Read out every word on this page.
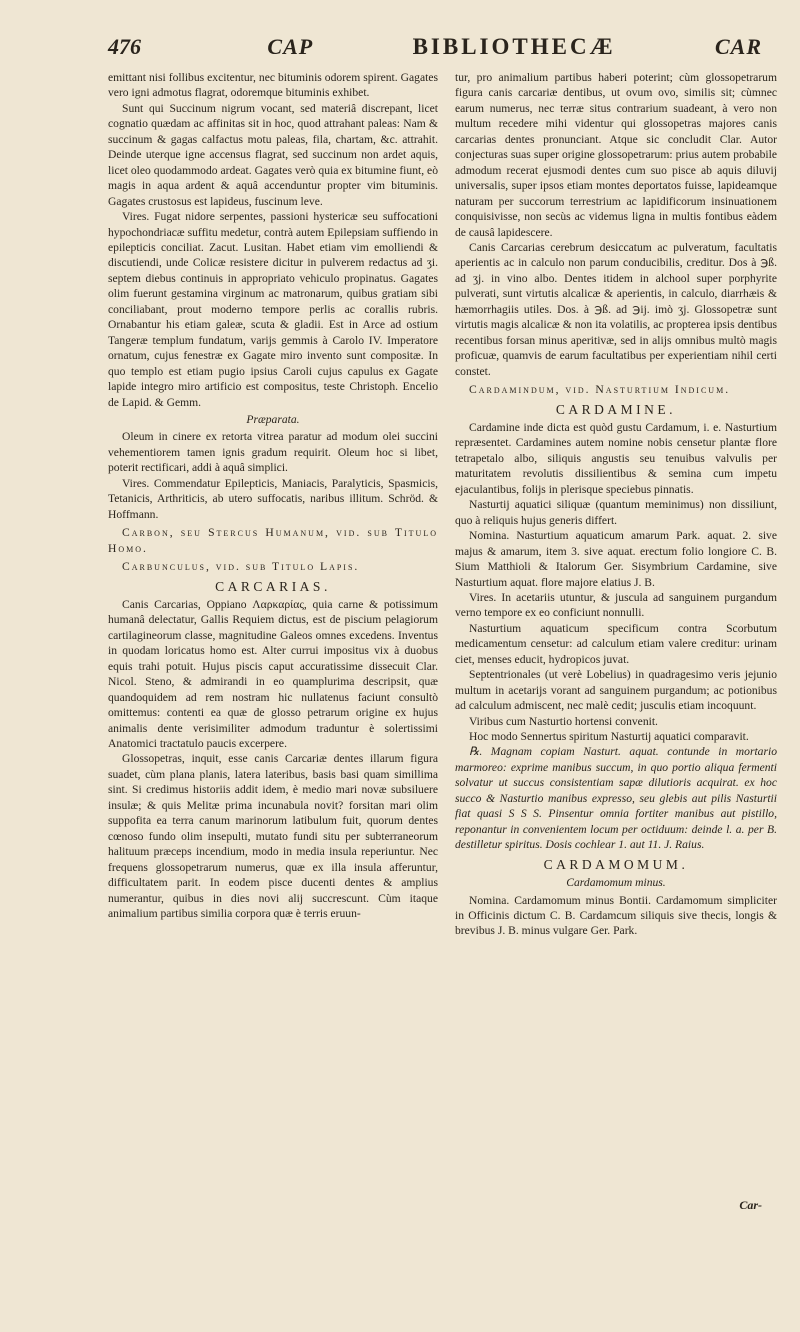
476	CAP	BIBLIOTHECÆ	CAR

emittant nisi follibus excitentur, nec bituminis odorem spirent. Gagates vero igni admotus flagrat, odoremque bituminis exhibet.

Sunt qui Succinum nigrum vocant, sed materiâ discrepant, licet cognatio quædam ac affinitas sit in hoc, quod attrahant paleas: Nam & succinum & gagas calfactus motu paleas, fila, chartam, &c. attrahit. Deinde uterque igne accensus flagrat, sed succinum non ardet aquis, licet oleo quodammodo ardeat. Gagates verò quia ex bitumine fiunt, eò magis in aqua ardent & aquâ accenduntur propter vim bituminis. Gagates crustosus est lapideus, fuscinum leve.

Vires. Fugat nidore serpentes, passioni hystericæ seu suffocationi hypochondriacæ suffitu medetur, contrà autem Epilepsiam suffiendo in epilepticis conciliat. Zacut. Lusitan. Habet etiam vim emolliendi & discutiendi, unde Colicæ resistere dicitur in pulverem redactus ad ʒi. septem diebus continuis in appropriato vehiculo propinatus. Gagates olim fuerunt gestamina virginum ac matronarum, quibus gratiam sibi conciliabant, prout moderno tempore perlis ac corallis rubris. Ornabantur his etiam galeæ, scuta & gladii. Est in Arce ad ostium Tangeræ templum fundatum, varijs gemmis à Carolo IV. Imperatore ornatum, cujus fenestræ ex Gagate miro invento sunt compositæ. In quo templo est etiam pugio ipsius Caroli cujus capulus ex Gagate lapide integro miro artificio est compositus, teste Christoph. Encelio de Lapid. & Gemm.

Præparata.

Oleum in cinere ex retorta vitrea paratur ad modum olei succini vehementiorem tamen ignis gradum requirit. Oleum hoc si libet, poterit rectificari, addi à aquâ simplici.

Vires. Commendatur Epilepticis, Maniacis, Paralyticis, Spasmicis, Tetanicis, Arthriticis, ab utero suffocatis, naribus illitum. Schröd. & Hoffmann.

Carbon, seu Stercus Humanum, vid. sub Titulo Homo.

Carbunculus, vid. sub Titulo Lapis.

CARCARIAS.

Canis Carcarias, Oppiano Λαρκαρίας, quia carne & potissimum humanâ delectatur, Gallis Requiem dictus, est de piscium pelagiorum cartilagineorum classe, magnitudine Galeos omnes excedens. Inventus in quodam loricatus homo est. Alter currui impositus vix à duobus equis trahi potuit. Hujus piscis caput accuratissime dissecuit Clar. Nicol. Steno, & admirandi in eo quamplurima descripsit, quæ quandoquidem ad rem nostram hic nullatenus faciunt consultò omittemus: contenti ea quæ de glosso petrarum origine ex hujus animalis dente verisimiliter admodum traduntur è solertissimi Anatomici tractatulo paucis excerpere.

Glossopetras, inquit, esse canis Carcariæ dentes illarum figura suadet, cùm plana planis, latera lateribus, basis basi quam simillima sint. Si credimus historiis addit idem, è medio mari novæ subsiluere insulæ; & quis Melitæ prima incunabula novit? forsitan mari olim suppofita ea terra canum marinorum latibulum fuit, quorum dentes cœnoso fundo olim insepulti, mutato fundi situ per subterraneorum halituum præceps incendium, modo in media insula reperiuntur. Nec frequens glossopetrarum numerus, quæ ex illa insula afferuntur, difficultatem parit. In eodem pisce ducenti dentes & amplius numerantur, quibus in dies novi alij succrescunt. Cùm itaque animalium partibus similia corpora quæ è terris eruun-

tur, pro animalium partibus haberi poterint; cùm glossopetrarum figura canis carcariæ dentibus, ut ovum ovo, similis sit; cùmnec earum numerus, nec terræ situs contrarium suadeant, à vero non multum recedere mihi videntur qui glossopetras majores canis carcarias dentes pronunciant. Atque sic concludit Clar. Autor conjecturas suas super origine glossopetrarum: prius autem probabile admodum recerat ejusmodi dentes cum suo pisce ab aquis diluvij universalis, super ipsos etiam montes deportatos fuisse, lapideamque naturam per succorum terrestrium ac lapidificorum insinuationem conquisivisse, non secùs ac videmus ligna in multis fontibus eàdem de causâ lapidescere.

Canis Carcarias cerebrum desiccatum ac pulveratum, facultatis aperientis ac in calculo non parum conducibilis, creditur. Dos à ℈ß. ad ʒj. in vino albo. Dentes itidem in alchool super porphyrite pulverati, sunt virtutis alcalicæ & aperientis, in calculo, diarrhæis & hæmorrhagiis utiles. Dos. à ℈ß. ad ℈ij. imò ʒj. Glossopetræ sunt virtutis magis alcalicæ & non ita volatilis, ac propterea ipsis dentibus recentibus forsan minus aperitivæ, sed in alijs omnibus multò magis proficuæ, quamvis de earum facultatibus per experientiam nihil certi constet.

Cardamindum, vid. Nasturtium Indicum.

CARDAMINE.

Cardamine inde dicta est quòd gustu Cardamum, i. e. Nasturtium repræsentet. Cardamines autem nomine nobis censetur plantæ flore tetrapetalo albo, siliquis angustis seu tenuibus valvulis per maturitatem revolutis dissilientibus & semina cum impetu ejaculantibus, folijs in plerisque speciebus pinnatis.

Nasturtij aquatici siliquæ (quantum meminimus) non dissiliunt, quo à reliquis hujus generis differt.

Nomina. Nasturtium aquaticum amarum Park. aquat. 2. sive majus & amarum, item 3. sive aquat. erectum folio longiore C. B. Sium Matthioli & Italorum Ger. Sisymbrium Cardamine, sive Nasturtium aquat. flore majore elatius J. B.

Vires. In acetariis utuntur, & jusculа ad sanguinem purgandum verno tempore ex eo conficiunt nonnulli.

Nasturtium aquaticum specificum contra Scorbutum medicamentum censetur: ad calculum etiam valere creditur: urinam ciet, menses educit, hydropicos juvat.

Septentrionales (ut verè Lobelius) in quadragesimo veris jejunio multum in acetarijs vorant ad sanguinem purgandum; ac potionibus ad calculum admiscent, nec malè cedit; jusculis etiam incoquunt.

Viribus cum Nasturtio hortensi convenit.

Hoc modo Sennertus spiritum Nasturtij aquatici comparavit.

℞. Magnam copiam Nasturt. aquat. contunde in mortario marmoreo: exprime manibus succum, in quo portio aliqua fermenti solvatur ut succus consistentiam sapæ dilutioris acquirat. ex hoc succo & Nasturtio manibus expresso, seu glebis aut pilis Nasturtii fiat quasi S S S. Pinsentur omnia fortiter manibus aut pistillo, reponantur in convenientem locum per octiduum: deinde l. a. per B. destilletur spiritus. Dosis cochlear 1. aut 11. J. Raius.

CARDAMOMUM.

Cardamomum minus.

Nomina. Cardamomum minus Bontii. Cardamomum simpliciter in Officinis dictum C. B. Cardamcum siliquis sive thecis, longis & brevibus J. B. minus vulgare Ger. Park.

Car-
